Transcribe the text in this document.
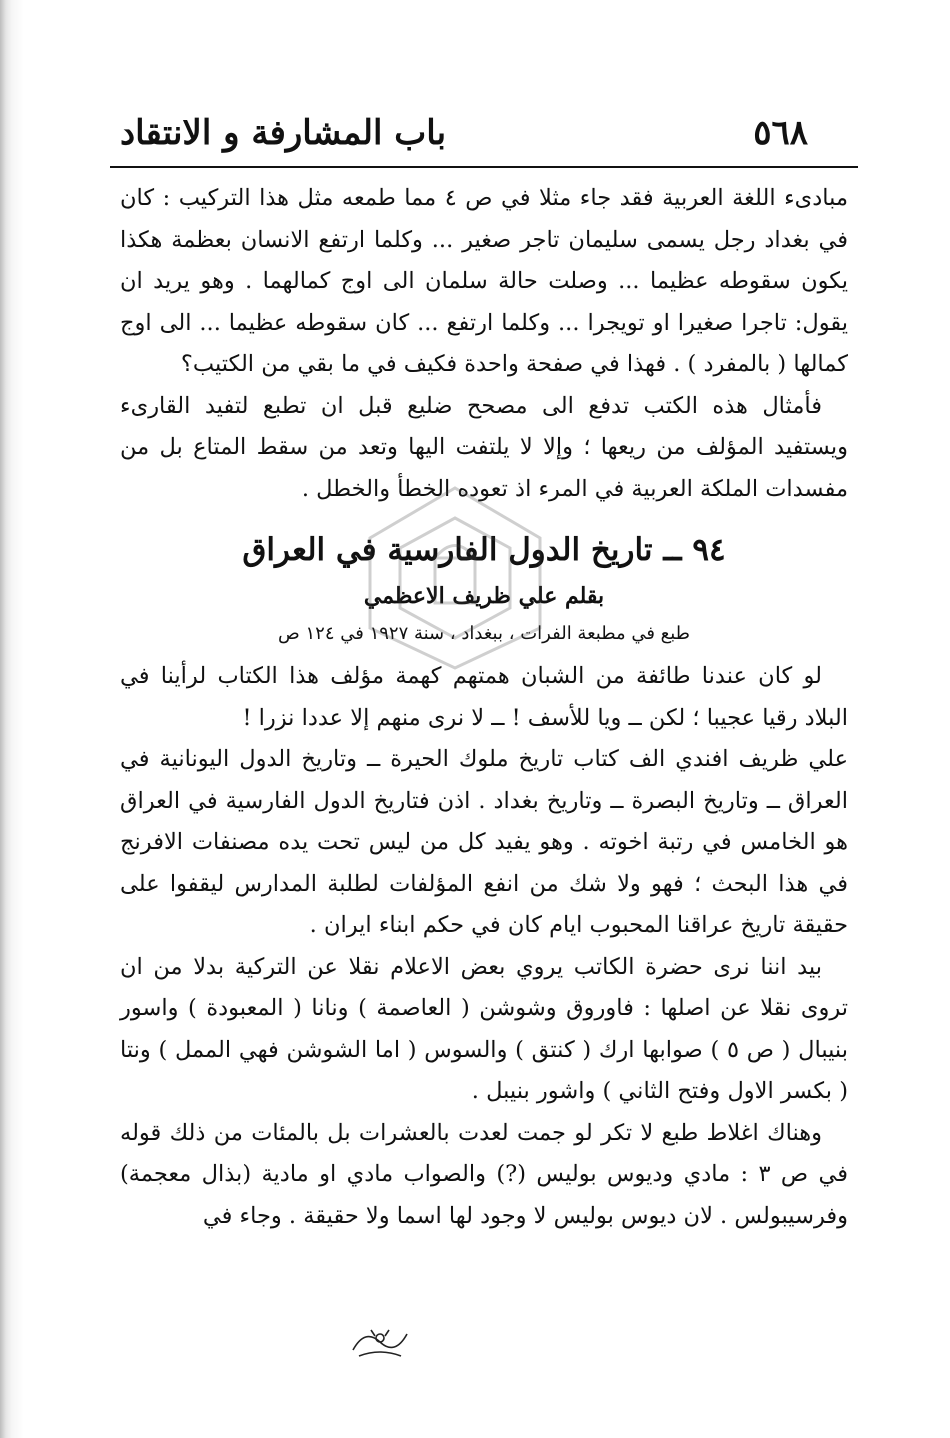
٥٦٨
باب المشارفة و الانتقاد

مبادىء اللغة العربية فقد جاء مثلا في ص ٤ مما طمعه مثل هذا التركيب : كان في بغداد رجل يسمى سليمان تاجر صغير ... وكلما ارتفع الانسان بعظمة هكذا يكون سقوطه عظيما ... وصلت حالة سلمان الى اوج كمالهما . وهو يريد ان يقول: تاجرا صغيرا او تويجرا ... وكلما ارتفع ... كان سقوطه عظيما ... الى اوج كمالها ( بالمفرد ) . فهذا في صفحة واحدة فكيف في ما بقي من الكتيب؟

فأمثال هذه الكتب تدفع الى مصحح ضليع قبل ان تطبع لتفيد القارىء ويستفيد المؤلف من ريعها ؛ وإلا لا يلتفت اليها وتعد من سقط المتاع بل من مفسدات الملكة العربية في المرء اذ تعوده الخطأ والخطل .

٩٤ ــ تاريخ الدول الفارسية في العراق

بقلم علي ظريف الاعظمي

طبع في مطبعة الفرات ، ببغداد ، سنة ١٩٢٧ في ١٢٤ ص

لو كان عندنا طائفة من الشبان همتهم كهمة مؤلف هذا الكتاب لرأينا في البلاد رقيا عجيبا ؛ لكن ــ ويا للأسف ! ــ لا نرى منهم إلا عددا نزرا !

علي ظريف افندي الف كتاب تاريخ ملوك الحيرة ــ وتاريخ الدول اليونانية في العراق ــ وتاريخ البصرة ــ وتاريخ بغداد . اذن فتاريخ الدول الفارسية في العراق هو الخامس في رتبة اخوته . وهو يفيد كل من ليس تحت يده مصنفات الافرنج في هذا البحث ؛ فهو ولا شك من انفع المؤلفات لطلبة المدارس ليقفوا على حقيقة تاريخ عراقنا المحبوب ايام كان في حكم ابناء ايران .

بيد اننا نرى حضرة الكاتب يروي بعض الاعلام نقلا عن التركية بدلا من ان تروى نقلا عن اصلها : فاوروق وشوشن ( العاصمة ) ونانا ( المعبودة ) واسور بنيبال ( ص ٥ ) صوابها ارك ( كنتق ) والسوس ( اما الشوشن فهي الممل ) ونتا ( بكسر الاول وفتح الثاني ) واشور بنيبل .

وهناك اغلاط طبع لا تكر لو جمت لعدت بالعشرات بل بالمئات من ذلك قوله في ص ٣ : مادي وديوس بوليس (?) والصواب مادي او مادية (بذال معجمة) وفرسيبولس . لان ديوس بوليس لا وجود لها اسما ولا حقيقة . وجاء في
